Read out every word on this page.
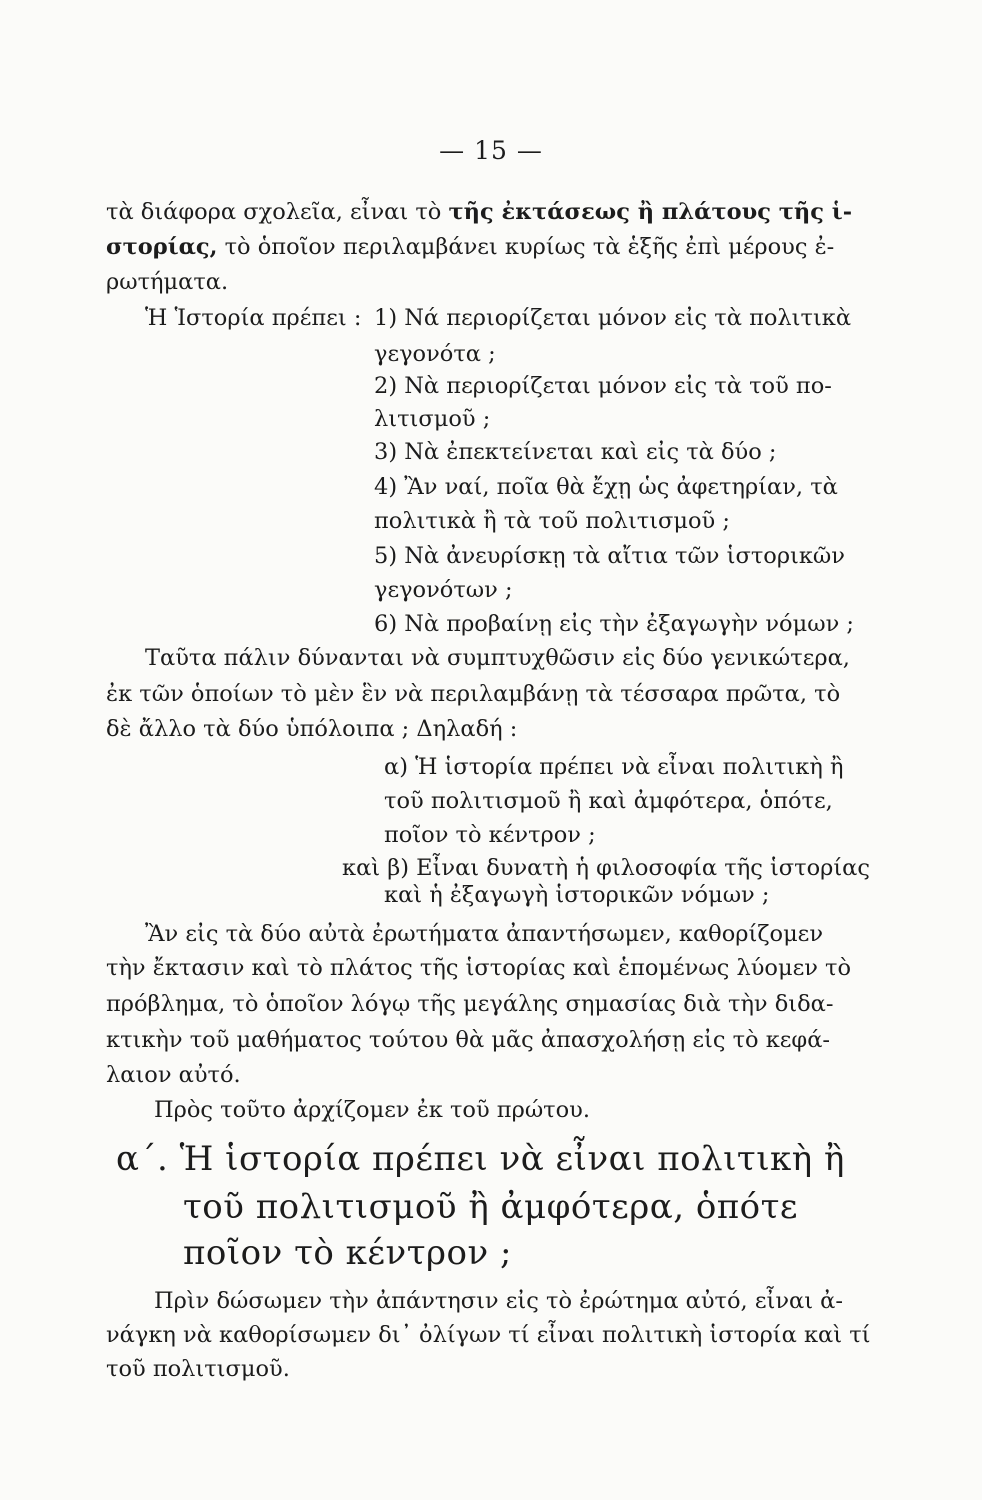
— 15 —
τὰ διάφορα σχολεῖα, εἶναι τὸ τῆς ἐκτάσεως ἢ πλάτους τῆς ἱ-
στορίας, τὸ ὁποῖον περιλαμβάνει κυρίως τὰ ἑξῆς ἐπὶ μέρους ἐ-
ρωτήματα.
Ἡ Ἱστορία πρέπει : 1) Νά περιορίζεται μόνον εἰς τὰ πολιτικὰ
γεγονότα ;
2) Νὰ περιορίζεται μόνον εἰς τὰ τοῦ πο-
λιτισμοῦ ;
3) Νὰ ἐπεκτείνεται καὶ εἰς τὰ δύο ;
4) Ἂν ναί, ποῖα θὰ ἔχῃ ὡς ἀφετηρίαν, τὰ
πολιτικὰ ἢ τὰ τοῦ πολιτισμοῦ ;
5) Νὰ ἀνευρίσκῃ τὰ αἴτια τῶν ἱστορικῶν
γεγονότων ;
6) Νὰ προβαίνῃ εἰς τὴν ἐξαγωγὴν νόμων ;
Ταῦτα πάλιν δύνανται νὰ συμπτυχθῶσιν εἰς δύο γενικώτερα,
ἐκ τῶν ὁποίων τὸ μὲν ἓν νὰ περιλαμβάνῃ τὰ τέσσαρα πρῶτα, τὸ
δὲ ἄλλο τὰ δύο ὑπόλοιπα ; Δηλαδή :
α) Ἡ ἱστορία πρέπει νὰ εἶναι πολιτικὴ ἢ
τοῦ πολιτισμοῦ ἢ καὶ ἀμφότερα, ὁπότε,
ποῖον τὸ κέντρον ;
καὶ β) Εἶναι δυνατὴ ἡ φιλοσοφία τῆς ἱστορίας
καὶ ἡ ἐξαγωγὴ ἱστορικῶν νόμων ;
Ἂν εἰς τὰ δύο αὐτὰ ἐρωτήματα ἀπαντήσωμεν, καθορίζομεν
τὴν ἔκτασιν καὶ τὸ πλάτος τῆς ἱστορίας καὶ ἑπομένως λύομεν τὸ
πρόβλημα, τὸ ὁποῖον λόγῳ τῆς μεγάλης σημασίας διὰ τὴν διδα-
κτικὴν τοῦ μαθήματος τούτου θὰ μᾶς ἀπασχολήσῃ εἰς τὸ κεφά-
λαιον αὐτό.
Πρὸς τοῦτο ἀρχίζομεν ἐκ τοῦ πρώτου.
α΄. Ἡ ἱστορία πρέπει νὰ εἶναι πολιτικὴ ἢ
τοῦ πολιτισμοῦ ἢ ἀμφότερα, ὁπότε
ποῖον τὸ κέντρον ;
Πρὶν δώσωμεν τὴν ἀπάντησιν εἰς τὸ ἐρώτημα αὐτό, εἶναι ἀ-
νάγκη νὰ καθορίσωμεν δι᾿ ὀλίγων τί εἶναι πολιτικὴ ἱστορία καὶ τί
τοῦ πολιτισμοῦ.
